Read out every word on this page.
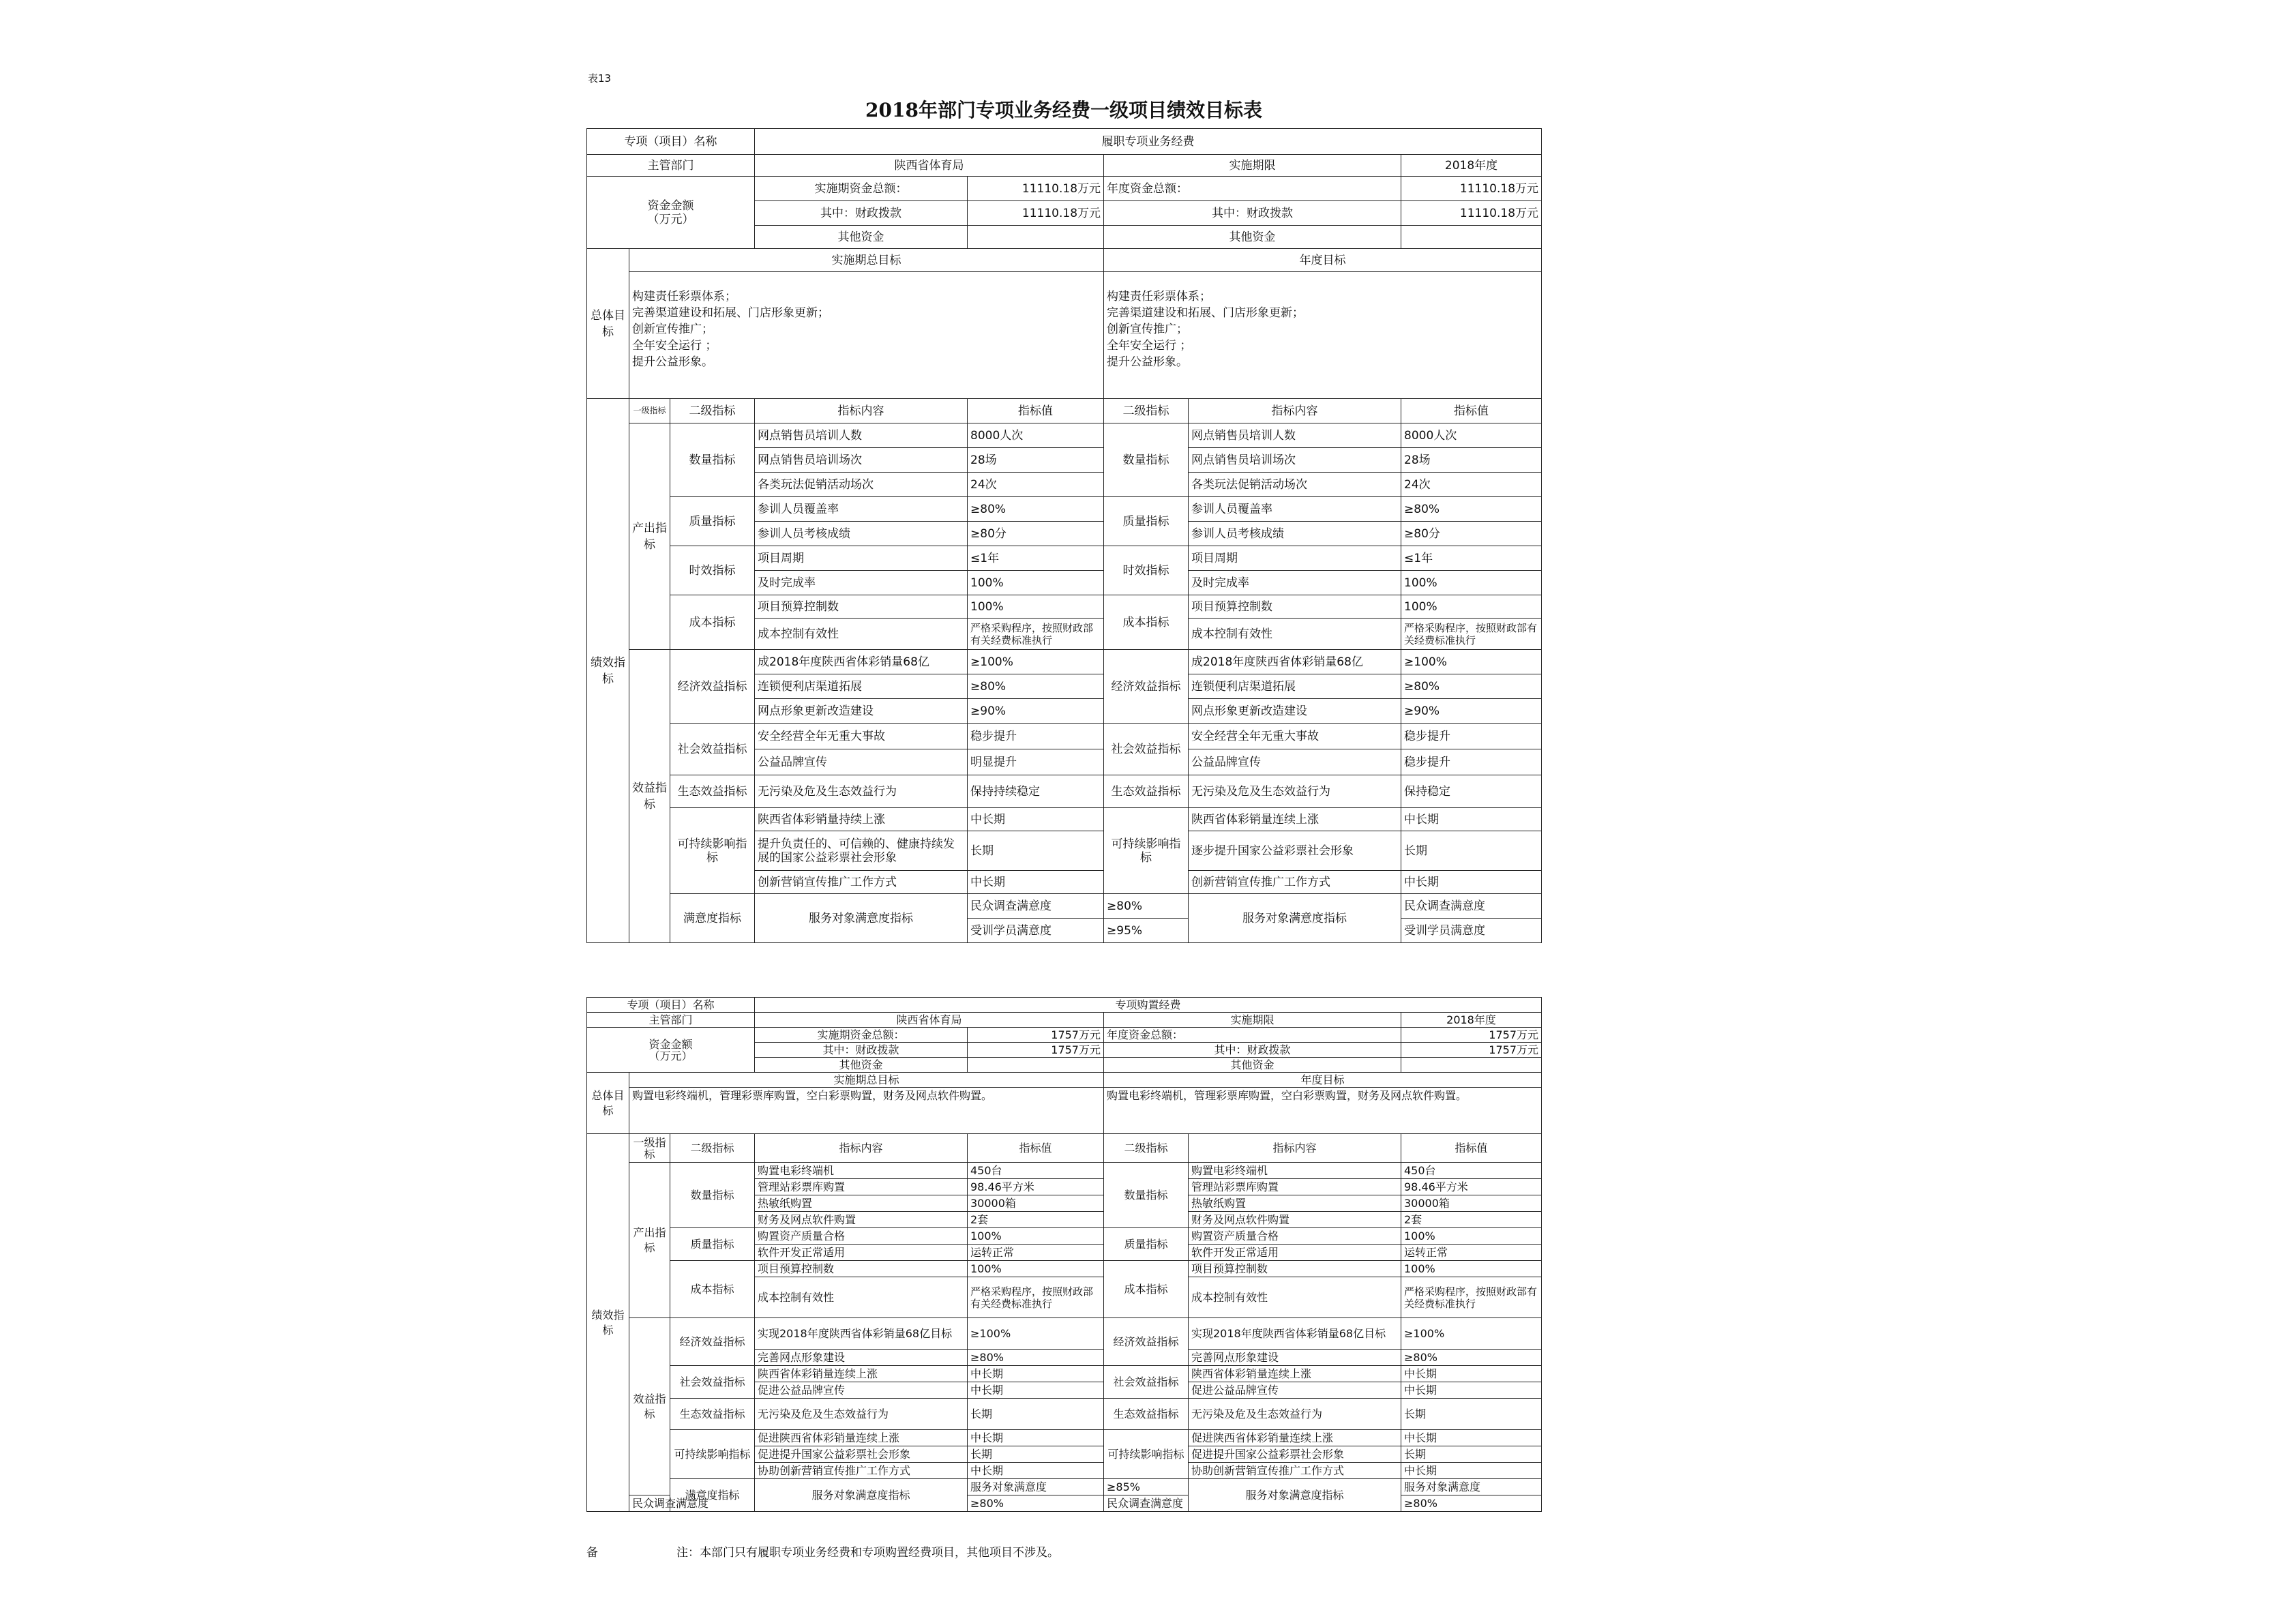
表13
2018年部门专项业务经费一级项目绩效目标表
专项（项目）名称			履职专项业务经费					
主管部门			陕西省体育局		实施期限		2018年度	
资金金额
（万元）			实施期资金总额：	11110.18万元	年度资金总额：		11110.18万元	
			其中：财政拨款	11110.18万元	其中：财政拨款		11110.18万元	
			其他资金		其他资金			
总体目标	实施期总目标				年度目标			
	构建责任彩票体系；
完善渠道建设和拓展、门店形象更新；
创新宣传推广；
全年安全运行 ；
提升公益形象。				构建责任彩票体系；
完善渠道建设和拓展、门店形象更新；
创新宣传推广；
全年安全运行 ；
提升公益形象。			
绩效指标	一级指标	二级指标	指标内容	指标值	二级指标	指标内容	指标值	
	产出指标	数量指标	网点销售员培训人数	8000人次	数量指标	网点销售员培训人数	8000人次	
			网点销售员培训场次	28场		网点销售员培训场次	28场	
			各类玩法促销活动场次	24次		各类玩法促销活动场次	24次	
		质量指标	参训人员覆盖率	≥80%	质量指标	参训人员覆盖率	≥80%	
			参训人员考核成绩	≥80分		参训人员考核成绩	≥80分	
		时效指标	项目周期	≤1年	时效指标	项目周期	≤1年	
			及时完成率	100%		及时完成率	100%	
		成本指标	项目预算控制数	100%	成本指标	项目预算控制数	100%	
			成本控制有效性	严格采购程序，按照财政部有关经费标准执行		成本控制有效性	严格采购程序，按照财政部有关经费标准执行	
	效益指标	经济效益指标	成2018年度陕西省体彩销量68亿	≥100%	经济效益指标	成2018年度陕西省体彩销量68亿	≥100%	
			连锁便利店渠道拓展	≥80%		连锁便利店渠道拓展	≥80%	
			网点形象更新改造建设	≥90%		网点形象更新改造建设	≥90%	
		社会效益指标	安全经营全年无重大事故	稳步提升	社会效益指标	安全经营全年无重大事故	稳步提升	
			公益品牌宣传	明显提升		公益品牌宣传	稳步提升	
		生态效益指标	无污染及危及生态效益行为	保持持续稳定	生态效益指标	无污染及危及生态效益行为	保持稳定	
		可持续影响指标	陕西省体彩销量持续上涨	中长期	可持续影响指标	陕西省体彩销量连续上涨	中长期	
			提升负责任的、可信赖的、健康持续发展的国家公益彩票社会形象	长期		逐步提升国家公益彩票社会形象	长期	
			创新营销宣传推广工作方式	中长期		创新营销宣传推广工作方式	中长期	
		满意度指标	服务对象满意度指标	民众调查满意度	≥80%	服务对象满意度指标	民众调查满意度	
				受训学员满意度	≥95%		受训学员满意度	
专项（项目）名称			专项购置经费					
主管部门			陕西省体育局		实施期限		2018年度	
资金金额
（万元）			实施期资金总额：	1757万元	年度资金总额：		1757万元	
			其中：财政拨款	1757万元	其中：财政拨款		1757万元	
			其他资金		其他资金			
总体目标	实施期总目标				年度目标			
	购置电彩终端机，管理彩票库购置，空白彩票购置，财务及网点软件购置。				购置电彩终端机，管理彩票库购置，空白彩票购置，财务及网点软件购置。			
绩效指标	一级指标	二级指标	指标内容	指标值	二级指标	指标内容	指标值	
	产出指标	数量指标	购置电彩终端机	450台	数量指标	购置电彩终端机	450台	
			管理站彩票库购置	98.46平方米		管理站彩票库购置	98.46平方米	
			热敏纸购置	30000箱		热敏纸购置	30000箱	
			财务及网点软件购置	2套		财务及网点软件购置	2套	
		质量指标	购置资产质量合格	100%	质量指标	购置资产质量合格	100%	
			软件开发正常适用	运转正常		软件开发正常适用	运转正常	
		成本指标	项目预算控制数	100%	成本指标	项目预算控制数	100%	
			成本控制有效性	严格采购程序，按照财政部有关经费标准执行		成本控制有效性	严格采购程序，按照财政部有关经费标准执行	
	效益指标	经济效益指标	实现2018年度陕西省体彩销量68亿目标	≥100%	经济效益指标	实现2018年度陕西省体彩销量68亿目标	≥100%	
			完善网点形象建设	≥80%		完善网点形象建设	≥80%	
		社会效益指标	陕西省体彩销量连续上涨	中长期	社会效益指标	陕西省体彩销量连续上涨	中长期	
			促进公益品牌宣传	中长期		促进公益品牌宣传	中长期	
		生态效益指标	无污染及危及生态效益行为	长期	生态效益指标	无污染及危及生态效益行为	长期	
		可持续影响指标	促进陕西省体彩销量连续上涨	中长期	可持续影响指标	促进陕西省体彩销量连续上涨	中长期	
			促进提升国家公益彩票社会形象	长期		促进提升国家公益彩票社会形象	长期	
			协助创新营销宣传推广工作方式	中长期		协助创新营销宣传推广工作方式	中长期	
		满意度指标	服务对象满意度指标	服务对象满意度	≥85%	服务对象满意度指标	服务对象满意度	
	民众调查满意度			≥80%	民众调查满意度		≥80%	
备	注：本部门只有履职专项业务经费和专项购置经费项目，其他项目不涉及。
